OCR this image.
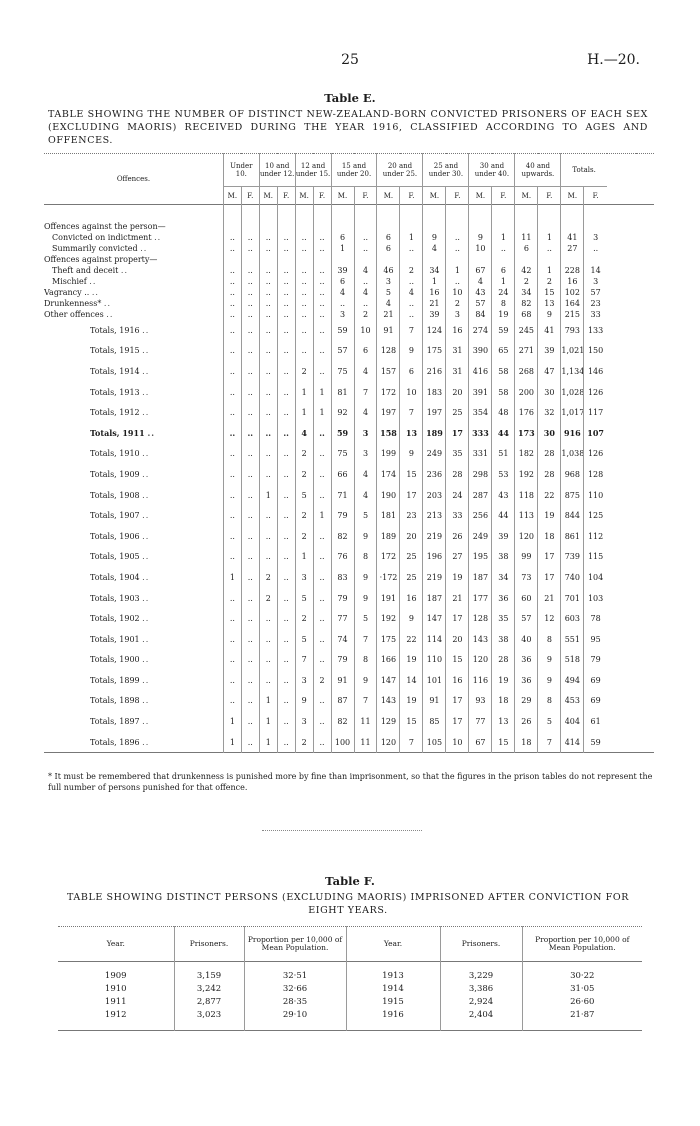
25	H.—20.
Table E.
TABLE SHOWING THE NUMBER OF DISTINCT NEW-ZEALAND-BORN CONVICTED PRISONERS OF EACH SEX (EXCLUDING MAORIS) RECEIVED DURING THE YEAR 1916, CLASSIFIED ACCORDING TO AGES AND OFFENCES.
Offences.	Under 10.		10 and under 12.		12 and under 15.		15 and under 20.		20 and under 25.		25 and under 30.		30 and under 40.		40 and upwards.		Totals.	
	M.	F.	M.	F.	M.	F.	M.	F.	M.	F.	M.	F.	M.	F.	M.	F.	M.	F.

Offences against the person—																		
Convicted on indictment ..	..	..	..	..	..	..	6	..	6	1	9	..	9	1	11	1	41	3
Summarily convicted ..	..	..	..	..	..	..	1	..	6	..	4	..	10	..	6	..	27	..
Offences against property—																		
Theft and deceit ..	..	..	..	..	..	..	39	4	46	2	34	1	67	6	42	1	228	14
Mischief ..	..	..	..	..	..	..	6	..	3	..	1	..	4	1	2	2	16	3
Vagrancy .. ..	..	..	..	..	..	..	4	4	5	4	16	10	43	24	34	15	102	57
Drunkenness* ..	..	..	..	..	..	..	..	..	4	..	21	2	57	8	82	13	164	23
Other offences ..	..	..	..	..	..	..	3	2	21	..	39	3	84	19	68	9	215	33
Totals, 1916 ..	..	..	..	..	..	..	59	10	91	7	124	16	274	59	245	41	793	133
Totals, 1915 ..	..	..	..	..	..	..	57	6	128	9	175	31	390	65	271	39	1,021	150
Totals, 1914 ..	..	..	..	..	2	..	75	4	157	6	216	31	416	58	268	47	1,134	146
Totals, 1913 ..	..	..	..	..	1	1	81	7	172	10	183	20	391	58	200	30	1,028	126
Totals, 1912 ..	..	..	..	..	1	1	92	4	197	7	197	25	354	48	176	32	1,017	117
Totals, 1911 ..	..	..	..	..	4	..	59	3	158	13	189	17	333	44	173	30	916	107
Totals, 1910 ..	..	..	..	..	2	..	75	3	199	9	249	35	331	51	182	28	1,038	126
Totals, 1909 ..	..	..	..	..	2	..	66	4	174	15	236	28	298	53	192	28	968	128
Totals, 1908 ..	..	..	1	..	5	..	71	4	190	17	203	24	287	43	118	22	875	110
Totals, 1907 ..	..	..	..	..	2	1	79	5	181	23	213	33	256	44	113	19	844	125
Totals, 1906 ..	..	..	..	..	2	..	82	9	189	20	219	26	249	39	120	18	861	112
Totals, 1905 ..	..	..	..	..	1	..	76	8	172	25	196	27	195	38	99	17	739	115
Totals, 1904 ..	1	..	2	..	3	..	83	9	·172	25	219	19	187	34	73	17	740	104
Totals, 1903 ..	..	..	2	..	5	..	79	9	191	16	187	21	177	36	60	21	701	103
Totals, 1902 ..	..	..	..	..	2	..	77	5	192	9	147	17	128	35	57	12	603	78
Totals, 1901 ..	..	..	..	..	5	..	74	7	175	22	114	20	143	38	40	8	551	95
Totals, 1900 ..	..	..	..	..	7	..	79	8	166	19	110	15	120	28	36	9	518	79
Totals, 1899 ..	..	..	..	..	3	2	91	9	147	14	101	16	116	19	36	9	494	69
Totals, 1898 ..	..	..	1	..	9	..	87	7	143	19	91	17	93	18	29	8	453	69
Totals, 1897 ..	1	..	1	..	3	..	82	11	129	15	85	17	77	13	26	5	404	61
Totals, 1896 ..	1	..	1	..	2	..	100	11	120	7	105	10	67	15	18	7	414	59
* It must be remembered that drunkenness is punished more by fine than imprisonment, so that the figures in the prison tables do not represent the full number of persons punished for that offence.
Table F.
TABLE SHOWING DISTINCT PERSONS (EXCLUDING MAORIS) IMPRISONED AFTER CONVICTION FOR EIGHT YEARS.
Year.	Prisoners.	Proportion per 10,000 of Mean Population.	Year.	Prisoners.	Proportion per 10,000 of Mean Population.

1909	3,159	32·51	1913	3,229	30·22
1910	3,242	32·66	1914	3,386	31·05
1911	2,877	28·35	1915	2,924	26·60
1912	3,023	29·10	1916	2,404	21·87
